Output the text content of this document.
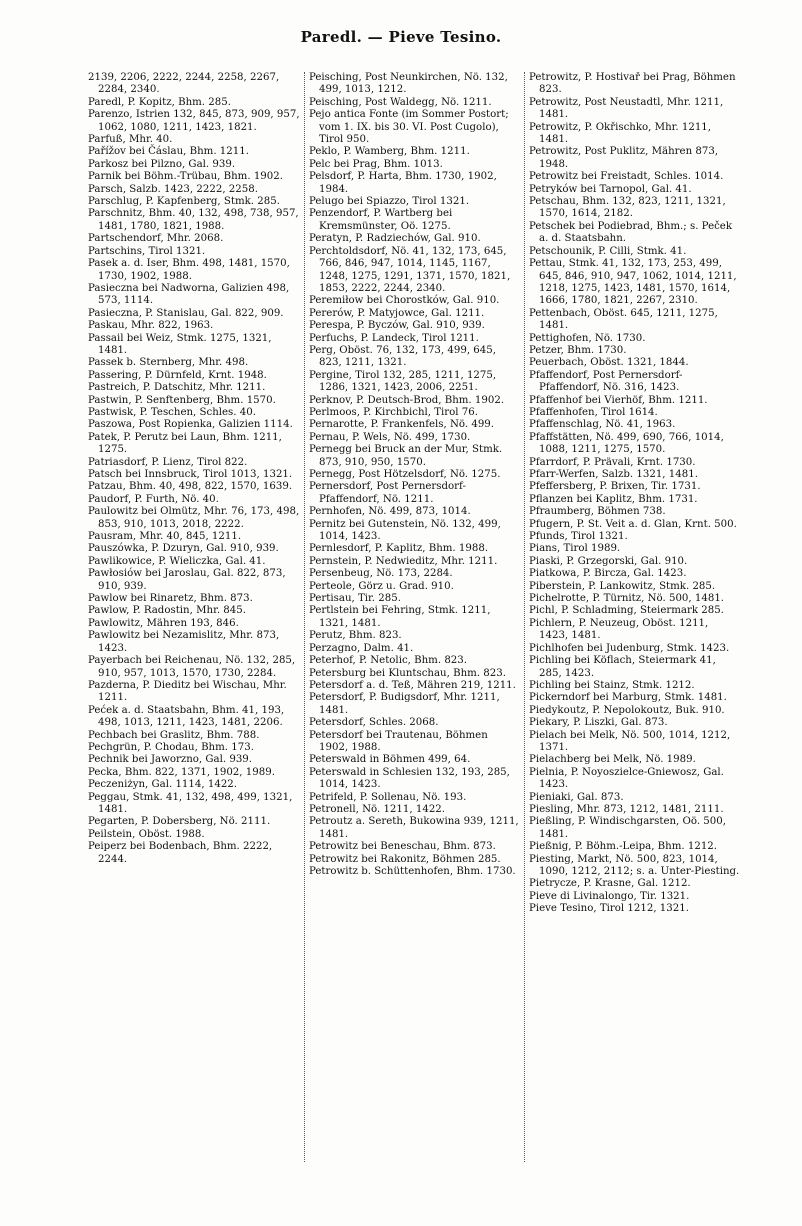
Paredl. — Pieve Tesino.

2139, 2206, 2222, 2244, 2258, 2267, 2284, 2340.

Paredl, P. Kopitz, Bhm. 285.

Parenzo, Istrien 132, 845, 873, 909, 957, 1062, 1080, 1211, 1423, 1821.

Parfuß, Mhr. 40.

Pařížov bei Čáslau, Bhm. 1211.

Parkosz bei Pilzno, Gal. 939.

Parnik bei Böhm.-Trübau, Bhm. 1902.

Parsch, Salzb. 1423, 2222, 2258.

Parschlug, P. Kapfenberg, Stmk. 285.

Parschnitz, Bhm. 40, 132, 498, 738, 957, 1481, 1780, 1821, 1988.

Partschendorf, Mhr. 2068.

Partschins, Tirol 1321.

Pasek a. d. Iser, Bhm. 498, 1481, 1570, 1730, 1902, 1988.

Pasieczna bei Nadworna, Galizien 498, 573, 1114.

Pasieczna, P. Stanislau, Gal. 822, 909.

Paskau, Mhr. 822, 1963.

Passail bei Weiz, Stmk. 1275, 1321, 1481.

Passek b. Sternberg, Mhr. 498.

Passering, P. Dürnfeld, Krnt. 1948.

Pastreich, P. Datschitz, Mhr. 1211.

Pastwin, P. Senftenberg, Bhm. 1570.

Pastwisk, P. Teschen, Schles. 40.

Paszowa, Post Ropienka, Galizien 1114.

Patek, P. Perutz bei Laun, Bhm. 1211, 1275.

Patriasdorf, P. Lienz, Tirol 822.

Patsch bei Innsbruck, Tirol 1013, 1321.

Patzau, Bhm. 40, 498, 822, 1570, 1639.

Paudorf, P. Furth, Nö. 40.

Paulowitz bei Olmütz, Mhr. 76, 173, 498, 853, 910, 1013, 2018, 2222.

Pausram, Mhr. 40, 845, 1211.

Pauszówka, P. Dzuryn, Gal. 910, 939.

Pawlikowice, P. Wieliczka, Gal. 41.

Pawłosiów bei Jaroslau, Gal. 822, 873, 910, 939.

Pawlow bei Rinaretz, Bhm. 873.

Pawlow, P. Radostin, Mhr. 845.

Pawlowitz, Mähren 193, 846.

Pawlowitz bei Nezamislitz, Mhr. 873, 1423.

Payerbach bei Reichenau, Nö. 132, 285, 910, 957, 1013, 1570, 1730, 2284.

Pazderna, P. Dieditz bei Wischau, Mhr. 1211.

Pećek a. d. Staatsbahn, Bhm. 41, 193, 498, 1013, 1211, 1423, 1481, 2206.

Pechbach bei Graslitz, Bhm. 788.

Pechgrün, P. Chodau, Bhm. 173.

Pechnik bei Jaworzno, Gal. 939.

Pecka, Bhm. 822, 1371, 1902, 1989.

Peczeniżyn, Gal. 1114, 1422.

Peggau, Stmk. 41, 132, 498, 499, 1321, 1481.

Pegarten, P. Dobersberg, Nö. 2111.

Peilstein, Oböst. 1988.

Peiperz bei Bodenbach, Bhm. 2222, 2244.

Peisching, Post Neunkirchen, Nö. 132, 499, 1013, 1212.

Peisching, Post Waldegg, Nö. 1211.

Pejo antica Fonte (im Sommer Postort; vom 1. IX. bis 30. VI. Post Cugolo), Tirol 950.

Peklo, P. Wamberg, Bhm. 1211.

Pelc bei Prag, Bhm. 1013.

Pelsdorf, P. Harta, Bhm. 1730, 1902, 1984.

Pelugo bei Spiazzo, Tirol 1321.

Penzendorf, P. Wartberg bei Kremsmünster, Oö. 1275.

Peratyn, P. Radziechów, Gal. 910.

Perchtoldsdorf, Nö. 41, 132, 173, 645, 766, 846, 947, 1014, 1145, 1167, 1248, 1275, 1291, 1371, 1570, 1821, 1853, 2222, 2244, 2340.

Peremiłow bei Chorostków, Gal. 910.

Pererów, P. Matyjowce, Gal. 1211.

Perespa, P. Byczów, Gal. 910, 939.

Perfuchs, P. Landeck, Tirol 1211.

Perg, Oböst. 76, 132, 173, 499, 645, 823, 1211, 1321.

Pergine, Tirol 132, 285, 1211, 1275, 1286, 1321, 1423, 2006, 2251.

Perknov, P. Deutsch-Brod, Bhm. 1902.

Perlmoos, P. Kirchbichl, Tirol 76.

Pernarotte, P. Frankenfels, Nö. 499.

Pernau, P. Wels, Nö. 499, 1730.

Pernegg bei Bruck an der Mur, Stmk. 873, 910, 950, 1570.

Pernegg, Post Hötzelsdorf, Nö. 1275.

Pernersdorf, Post Pernersdorf-Pfaffendorf, Nö. 1211.

Pernhofen, Nö. 499, 873, 1014.

Pernitz bei Gutenstein, Nö. 132, 499, 1014, 1423.

Pernlesdorf, P. Kaplitz, Bhm. 1988.

Pernstein, P. Nedwieditz, Mhr. 1211.

Persenbeug, Nö. 173, 2284.

Perteole, Görz u. Grad. 910.

Pertisau, Tir. 285.

Pertlstein bei Fehring, Stmk. 1211, 1321, 1481.

Perutz, Bhm. 823.

Perzagno, Dalm. 41.

Peterhof, P. Netolic, Bhm. 823.

Petersburg bei Kluntschau, Bhm. 823.

Petersdorf a. d. Teß, Mähren 219, 1211.

Petersdorf, P. Budigsdorf, Mhr. 1211, 1481.

Petersdorf, Schles. 2068.

Petersdorf bei Trautenau, Böhmen 1902, 1988.

Peterswald in Böhmen 499, 64.

Peterswald in Schlesien 132, 193, 285, 1014, 1423.

Petrifeld, P. Sollenau, Nö. 193.

Petronell, Nö. 1211, 1422.

Petroutz a. Sereth, Bukowina 939, 1211, 1481.

Petrowitz bei Beneschau, Bhm. 873.

Petrowitz bei Rakonitz, Böhmen 285.

Petrowitz b. Schüttenhofen, Bhm. 1730.

Petrowitz, P. Hostivař bei Prag, Böhmen 823.

Petrowitz, Post Neustadtl, Mhr. 1211, 1481.

Petrowitz, P. Okřischko, Mhr. 1211, 1481.

Petrowitz, Post Puklitz, Mähren 873, 1948.

Petrowitz bei Freistadt, Schles. 1014.

Petryków bei Tarnopol, Gal. 41.

Petschau, Bhm. 132, 823, 1211, 1321, 1570, 1614, 2182.

Petschek bei Podiebrad, Bhm.; s. Peček a. d. Staatsbahn.

Petschounik, P. Cilli, Stmk. 41.

Pettau, Stmk. 41, 132, 173, 253, 499, 645, 846, 910, 947, 1062, 1014, 1211, 1218, 1275, 1423, 1481, 1570, 1614, 1666, 1780, 1821, 2267, 2310.

Pettenbach, Oböst. 645, 1211, 1275, 1481.

Pettighofen, Nö. 1730.

Petzer, Bhm. 1730.

Peuerbach, Oböst. 1321, 1844.

Pfaffendorf, Post Pernersdorf-Pfaffendorf, Nö. 316, 1423.

Pfaffenhof bei Vierhöf, Bhm. 1211.

Pfaffenhofen, Tirol 1614.

Pfaffenschlag, Nö. 41, 1963.

Pfaffstätten, Nö. 499, 690, 766, 1014, 1088, 1211, 1275, 1570.

Pfarrdorf, P. Prävali, Krnt. 1730.

Pfarr-Werfen, Salzb. 1321, 1481.

Pfeffersberg, P. Brixen, Tir. 1731.

Pflanzen bei Kaplitz, Bhm. 1731.

Pfraumberg, Böhmen 738.

Pfugern, P. St. Veit a. d. Glan, Krnt. 500.

Pfunds, Tirol 1321.

Pians, Tirol 1989.

Piaski, P. Grzegorski, Gal. 910.

Piatkowa, P. Bircza, Gal. 1423.

Piberstein, P. Lankowitz, Stmk. 285.

Pichelrotte, P. Türnitz, Nö. 500, 1481.

Pichl, P. Schladming, Steiermark 285.

Pichlern, P. Neuzeug, Oböst. 1211, 1423, 1481.

Pichlhofen bei Judenburg, Stmk. 1423.

Pichling bei Köflach, Steiermark 41, 285, 1423.

Pichling bei Stainz, Stmk. 1212.

Pickerndorf bei Marburg, Stmk. 1481.

Piedykoutz, P. Nepolokoutz, Buk. 910.

Piekary, P. Liszki, Gal. 873.

Pielach bei Melk, Nö. 500, 1014, 1212, 1371.

Pielachberg bei Melk, Nö. 1989.

Pielnia, P. Noyoszielce-Gniewosz, Gal. 1423.

Pieniaki, Gal. 873.

Piesling, Mhr. 873, 1212, 1481, 2111.

Pießling, P. Windischgarsten, Oö. 500, 1481.

Pießnig, P. Böhm.-Leipa, Bhm. 1212.

Piesting, Markt, Nö. 500, 823, 1014, 1090, 1212, 2112; s. a. Unter-Piesting.

Pietrycze, P. Krasne, Gal. 1212.

Pieve di Livinalongo, Tir. 1321.

Pieve Tesino, Tirol 1212, 1321.
